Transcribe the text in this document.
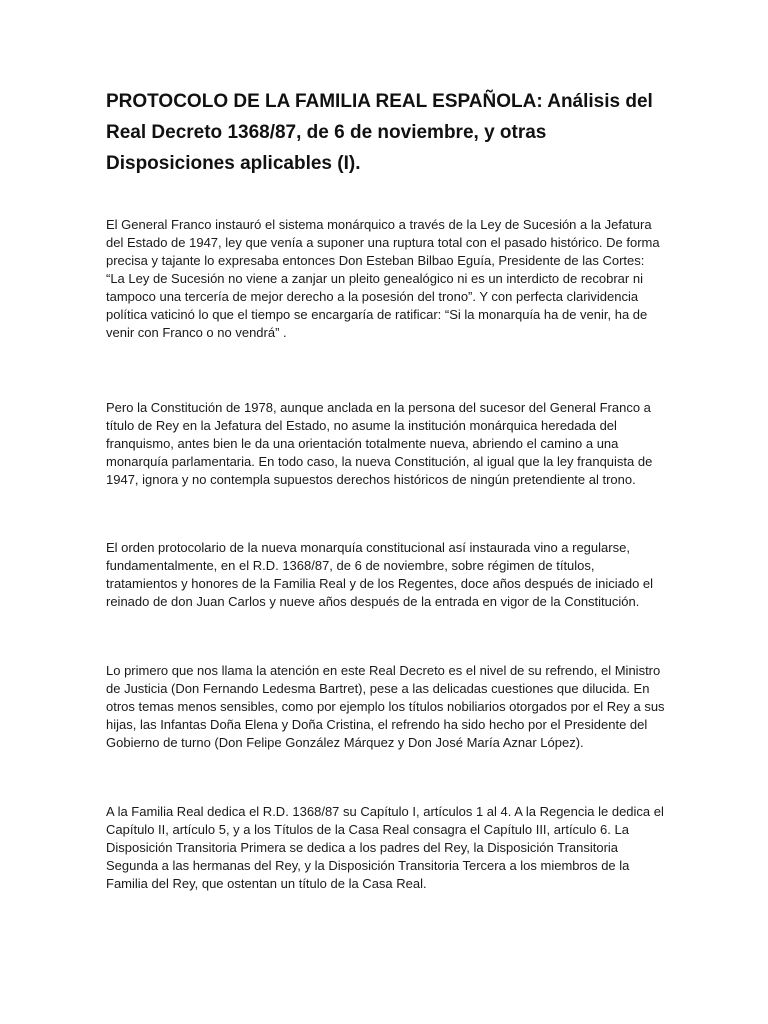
PROTOCOLO DE LA FAMILIA REAL ESPAÑOLA: Análisis del Real Decreto 1368/87, de 6 de noviembre, y otras Disposiciones aplicables (I).

El General Franco instauró el sistema monárquico a través de la Ley de Sucesión a la Jefatura del Estado de 1947, ley que venía a suponer una ruptura total con el pasado histórico. De forma precisa y tajante lo expresaba entonces Don Esteban Bilbao Eguía, Presidente de las Cortes: “La Ley de Sucesión no viene a zanjar un pleito genealógico ni es un interdicto de recobrar ni tampoco una tercería de mejor derecho a la posesión del trono”. Y con perfecta clarividencia política vaticinó lo que el tiempo se encargaría de ratificar: “Si la monarquía ha de venir, ha de venir con Franco o no vendrá” .

Pero la Constitución de 1978, aunque anclada en la persona del sucesor del General Franco a título de Rey en la Jefatura del Estado, no asume la institución monárquica heredada del franquismo, antes bien le da una orientación totalmente nueva, abriendo el camino a una monarquía parlamentaria. En todo caso, la nueva Constitución, al igual que la ley franquista de 1947, ignora y no contempla supuestos derechos históricos de ningún pretendiente al trono.

El orden protocolario de la nueva monarquía constitucional así instaurada vino a regularse, fundamentalmente, en el R.D. 1368/87, de 6 de noviembre, sobre régimen de títulos, tratamientos y honores de la Familia Real y de los Regentes, doce años después de iniciado el reinado de don Juan Carlos y nueve años después de la entrada en vigor de la Constitución.

Lo primero que nos llama la atención en este Real Decreto es el nivel de su refrendo, el Ministro de Justicia (Don Fernando Ledesma Bartret), pese a las delicadas cuestiones que dilucida. En otros temas menos sensibles, como por ejemplo los títulos nobiliarios otorgados por el Rey a sus hijas, las Infantas Doña Elena y Doña Cristina, el refrendo ha sido hecho por el Presidente del Gobierno de turno (Don Felipe González Márquez y Don José María Aznar López).

A la Familia Real dedica el R.D. 1368/87 su Capítulo I, artículos 1 al 4. A la Regencia le dedica el Capítulo II, artículo 5, y a los Títulos de la Casa Real consagra el Capítulo III, artículo 6. La Disposición Transitoria Primera se dedica a los padres del Rey, la Disposición Transitoria Segunda a las hermanas del Rey, y la Disposición Transitoria Tercera a los miembros de la Familia del Rey, que ostentan un título de la Casa Real.
